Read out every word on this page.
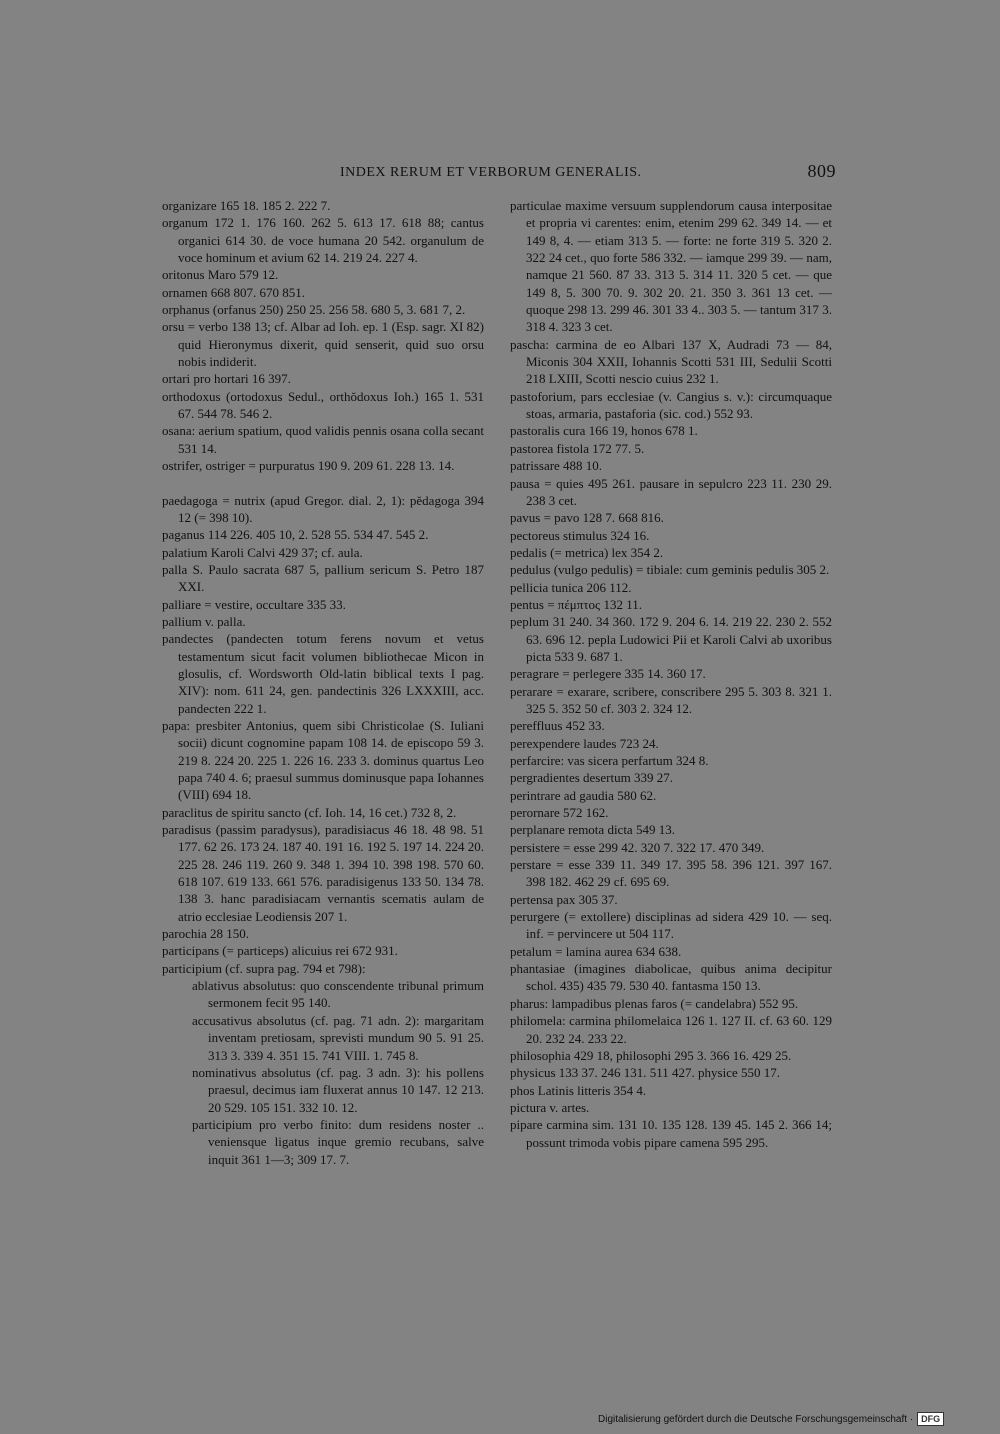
INDEX RERUM ET VERBORUM GENERALIS.	809

organizare 165 18. 185 2. 222 7.

organum 172 1. 176 160. 262 5. 613 17. 618 88; cantus organici 614 30. de voce humana 20 542. organulum de voce hominum et avium 62 14. 219 24. 227 4.

oritonus Maro 579 12.

ornamen 668 807. 670 851.

orphanus (orfanus 250) 250 25. 256 58. 680 5, 3. 681 7, 2.

orsu = verbo 138 13; cf. Albar ad Ioh. ep. 1 (Esp. sagr. XI 82) quid Hieronymus dixerit, quid senserit, quid suo orsu nobis indiderit.

ortari pro hortari 16 397.

orthodoxus (ortodoxus Sedul., orthŏdoxus Ioh.) 165 1. 531 67. 544 78. 546 2.

osana: aerium spatium, quod validis pennis osana colla secant 531 14.

ostrifer, ostriger = purpuratus 190 9. 209 61. 228 13. 14.

paedagoga = nutrix (apud Gregor. dial. 2, 1): pĕdagoga 394 12 (= 398 10).

paganus 114 226. 405 10, 2. 528 55. 534 47. 545 2.

palatium Karoli Calvi 429 37; cf. aula.

palla S. Paulo sacrata 687 5, pallium sericum S. Petro 187 XXI.

palliare = vestire, occultare 335 33.

pallium v. palla.

pandectes (pandecten totum ferens novum et vetus testamentum sicut facit volumen bibliothecae Micon in glosulis, cf. Wordsworth Old-latin biblical texts I pag. XIV): nom. 611 24, gen. pandectinis 326 LXXXIII, acc. pandecten 222 1.

papa: presbiter Antonius, quem sibi Christicolae (S. Iuliani socii) dicunt cognomine papam 108 14. de episcopo 59 3. 219 8. 224 20. 225 1. 226 16. 233 3. dominus quartus Leo papa 740 4. 6; praesul summus dominusque papa Iohannes (VIII) 694 18.

paraclitus de spiritu sancto (cf. Ioh. 14, 16 cet.) 732 8, 2.

paradisus (passim paradysus), paradisiacus 46 18. 48 98. 51 177. 62 26. 173 24. 187 40. 191 16. 192 5. 197 14. 224 20. 225 28. 246 119. 260 9. 348 1. 394 10. 398 198. 570 60. 618 107. 619 133. 661 576. paradisigenus 133 50. 134 78. 138 3. hanc paradisiacam vernantis scematis aulam de atrio ecclesiae Leodiensis 207 1.

parochia 28 150.

participans (= particeps) alicuius rei 672 931.

participium (cf. supra pag. 794 et 798):

ablativus absolutus: quo conscendente tribunal primum sermonem fecit 95 140.

accusativus absolutus (cf. pag. 71 adn. 2): margaritam inventam pretiosam, sprevisti mundum 90 5. 91 25. 313 3. 339 4. 351 15. 741 VIII. 1. 745 8.

nominativus absolutus (cf. pag. 3 adn. 3): his pollens praesul, decimus iam fluxerat annus 10 147. 12 213. 20 529. 105 151. 332 10. 12.

participium pro verbo finito: dum residens noster .. veniensque ligatus inque gremio recubans, salve inquit 361 1—3; 309 17. 7.

particulae maxime versuum supplendorum causa interpositae et propria vi carentes: enim, etenim 299 62. 349 14. — et 149 8, 4. — etiam 313 5. — forte: ne forte 319 5. 320 2. 322 24 cet., quo forte 586 332. — iamque 299 39. — nam, namque 21 560. 87 33. 313 5. 314 11. 320 5 cet. — que 149 8, 5. 300 70. 9. 302 20. 21. 350 3. 361 13 cet. — quoque 298 13. 299 46. 301 33 4.. 303 5. — tantum 317 3. 318 4. 323 3 cet.

pascha: carmina de eo Albari 137 X, Audradi 73 — 84, Miconis 304 XXII, Iohannis Scotti 531 III, Sedulii Scotti 218 LXIII, Scotti nescio cuius 232 1.

pastoforium, pars ecclesiae (v. Cangius s. v.): circumquaque stoas, armaria, pastaforia (sic. cod.) 552 93.

pastoralis cura 166 19, honos 678 1.

pastorea fistola 172 77. 5.

patrissare 488 10.

pausa = quies 495 261. pausare in sepulcro 223 11. 230 29. 238 3 cet.

pavus = pavo 128 7. 668 816.

pectoreus stimulus 324 16.

pedalis (= metrica) lex 354 2.

pedulus (vulgo pedulis) = tibiale: cum geminis pedulis 305 2.

pellicia tunica 206 112.

pentus = πέμπτος 132 11.

peplum 31 240. 34 360. 172 9. 204 6. 14. 219 22. 230 2. 552 63. 696 12. pepla Ludowici Pii et Karoli Calvi ab uxoribus picta 533 9. 687 1.

peragrare = perlegere 335 14. 360 17.

perarare = exarare, scribere, conscribere 295 5. 303 8. 321 1. 325 5. 352 50 cf. 303 2. 324 12.

pereffluus 452 33.

perexpendere laudes 723 24.

perfarcire: vas sicera perfartum 324 8.

pergradientes desertum 339 27.

perintrare ad gaudia 580 62.

perornare 572 162.

perplanare remota dicta 549 13.

persistere = esse 299 42. 320 7. 322 17. 470 349.

perstare = esse 339 11. 349 17. 395 58. 396 121. 397 167. 398 182. 462 29 cf. 695 69.

pertensa pax 305 37.

perurgere (= extollere) disciplinas ad sidera 429 10. — seq. inf. = pervincere ut 504 117.

petalum = lamina aurea 634 638.

phantasiae (imagines diabolicae, quibus anima decipitur schol. 435) 435 79. 530 40. fantasma 150 13.

pharus: lampadibus plenas faros (= candelabra) 552 95.

philomela: carmina philomelaica 126 1. 127 II. cf. 63 60. 129 20. 232 24. 233 22.

philosophia 429 18, philosophi 295 3. 366 16. 429 25.

physicus 133 37. 246 131. 511 427. physice 550 17.

phos Latinis litteris 354 4.

pictura v. artes.

pipare carmina sim. 131 10. 135 128. 139 45. 145 2. 366 14; possunt trimoda vobis pipare camena 595 295.

Digitalisierung gefördert durch die Deutsche Forschungsgemeinschaft · DFG
